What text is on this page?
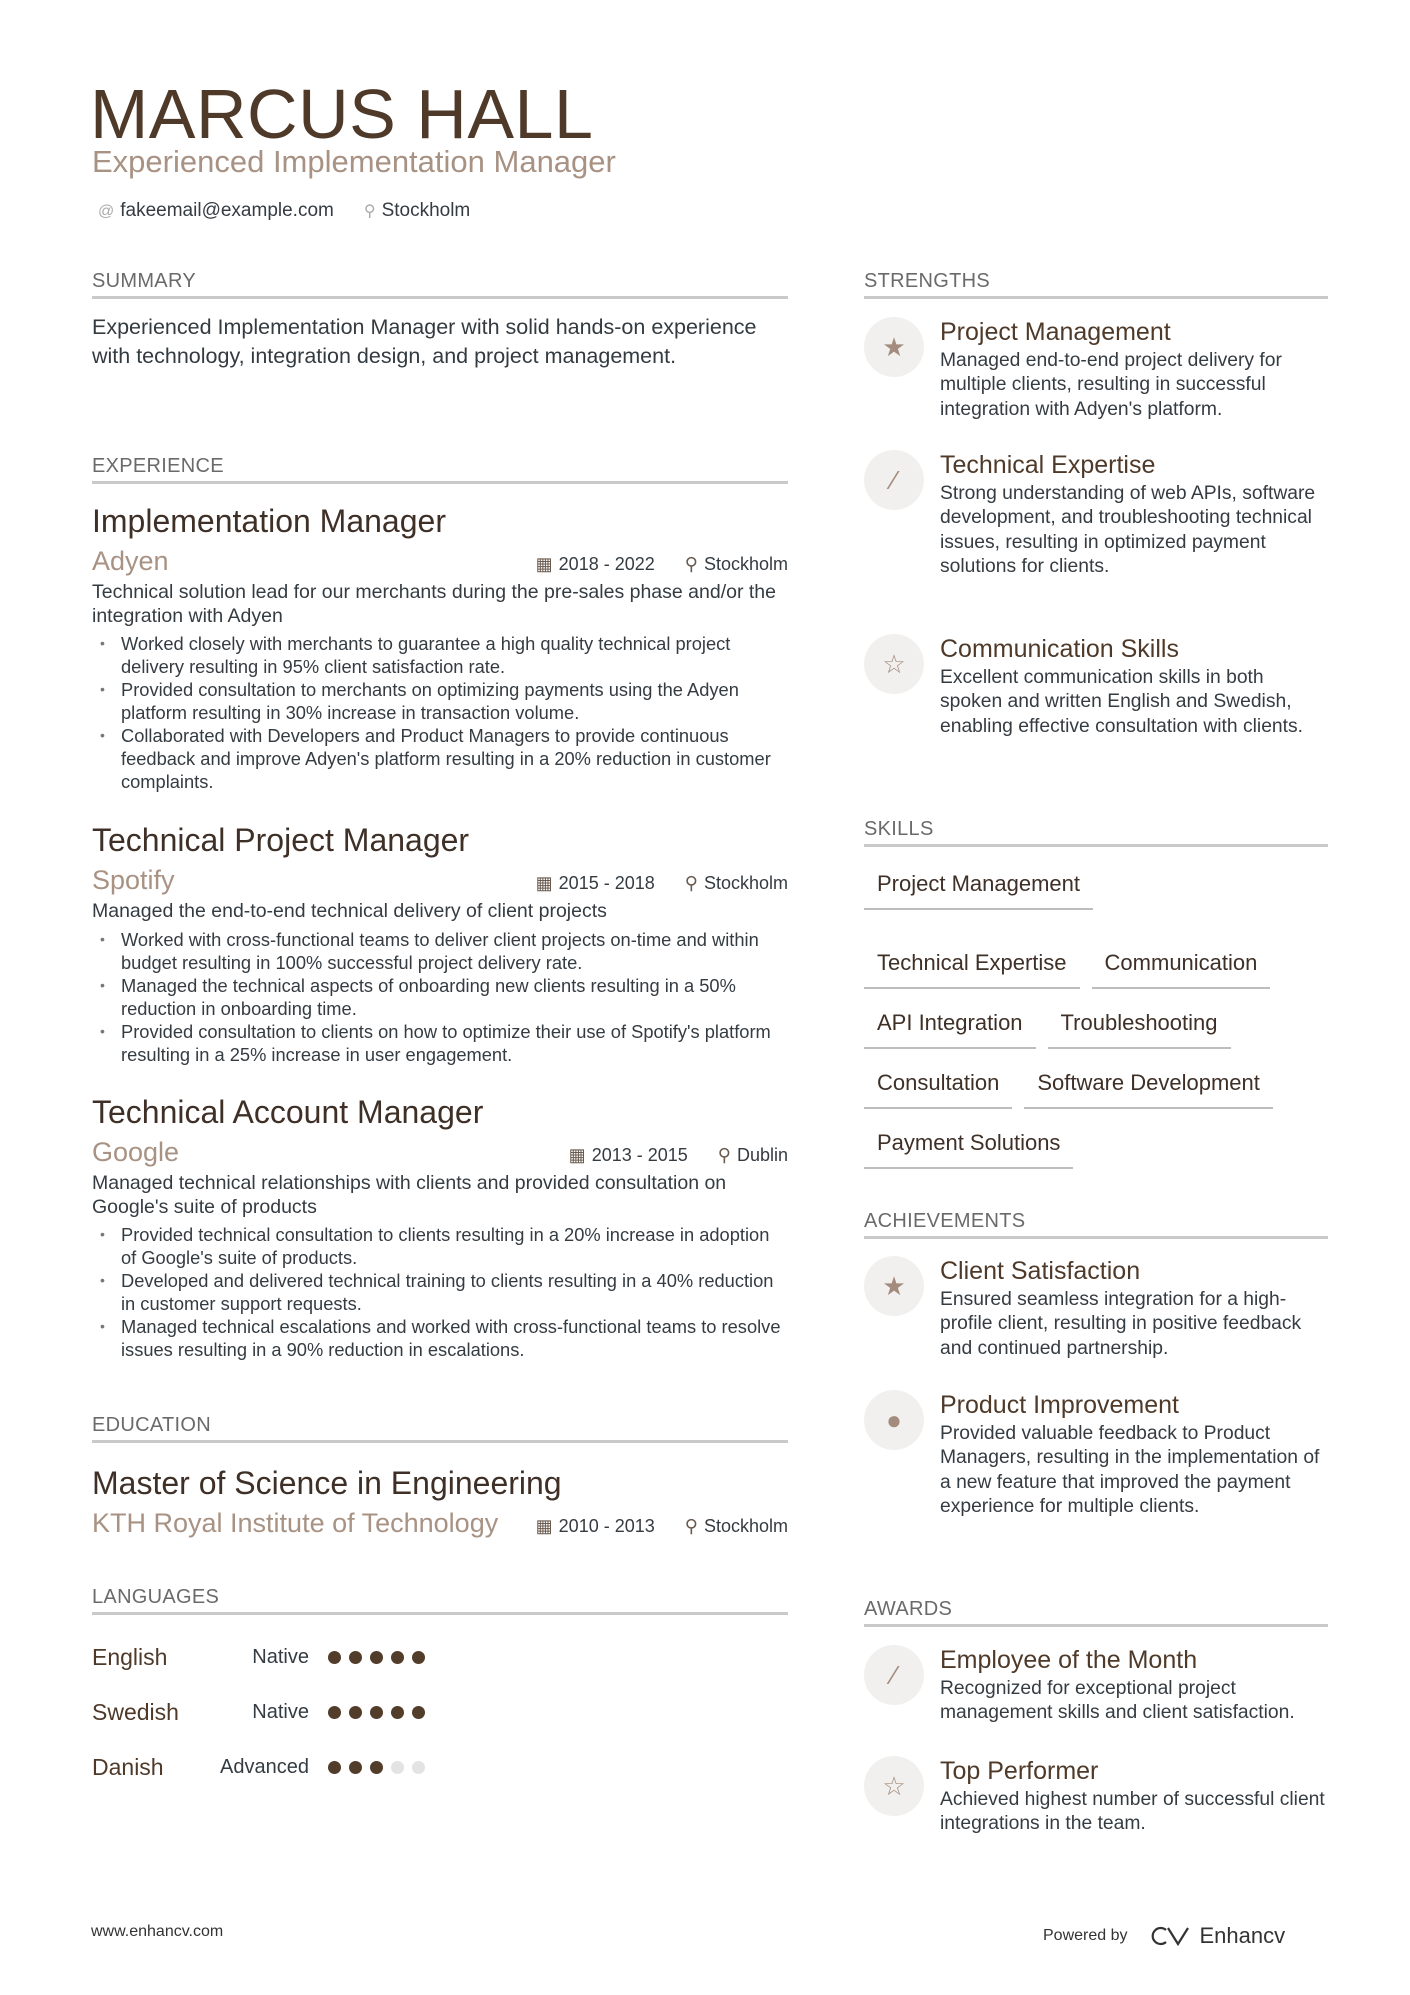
MARCUS HALL
Experienced Implementation Manager
@ fakeemail@example.com ⚲ Stockholm
SUMMARY
Experienced Implementation Manager with solid hands-on experience with technology, integration design, and project management.
EXPERIENCE
Implementation Manager
Adyen	▦ 2018 - 2022 ⚲ Stockholm
Technical solution lead for our merchants during the pre-sales phase and/or the integration with Adyen
• Worked closely with merchants to guarantee a high quality technical project delivery resulting in 95% client satisfaction rate.
• Provided consultation to merchants on optimizing payments using the Adyen platform resulting in 30% increase in transaction volume.
• Collaborated with Developers and Product Managers to provide continuous feedback and improve Adyen's platform resulting in a 20% reduction in customer complaints.
Technical Project Manager
Spotify	▦ 2015 - 2018 ⚲ Stockholm
Managed the end-to-end technical delivery of client projects
• Worked with cross-functional teams to deliver client projects on-time and within budget resulting in 100% successful project delivery rate.
• Managed the technical aspects of onboarding new clients resulting in a 50% reduction in onboarding time.
• Provided consultation to clients on how to optimize their use of Spotify's platform resulting in a 25% increase in user engagement.
Technical Account Manager
Google	▦ 2013 - 2015 ⚲ Dublin
Managed technical relationships with clients and provided consultation on Google's suite of products
• Provided technical consultation to clients resulting in a 20% increase in adoption of Google's suite of products.
• Developed and delivered technical training to clients resulting in a 40% reduction in customer support requests.
• Managed technical escalations and worked with cross-functional teams to resolve issues resulting in a 90% reduction in escalations.
EDUCATION
Master of Science in Engineering
KTH Royal Institute of Technology ▦ 2010 - 2013 ⚲ Stockholm
LANGUAGES
English	Native
Swedish	Native
Danish	Advanced
STRENGTHS
★	Project Management
Managed end-to-end project delivery for multiple clients, resulting in successful integration with Adyen's platform.
⁄	Technical Expertise
Strong understanding of web APIs, software development, and troubleshooting technical issues, resulting in optimized payment solutions for clients.
☆	Communication Skills
Excellent communication skills in both spoken and written English and Swedish, enabling effective consultation with clients.
SKILLS
Project Management
Technical Expertise	Communication
API Integration	Troubleshooting
Consultation	Software Development
Payment Solutions
ACHIEVEMENTS
★	Client Satisfaction
Ensured seamless integration for a high-profile client, resulting in positive feedback and continued partnership.
●	Product Improvement
Provided valuable feedback to Product Managers, resulting in the implementation of a new feature that improved the payment experience for multiple clients.
AWARDS
⁄	Employee of the Month
Recognized for exceptional project management skills and client satisfaction.
☆	Top Performer
Achieved highest number of successful client integrations in the team.
www.enhancv.com	Powered by	Enhancv
